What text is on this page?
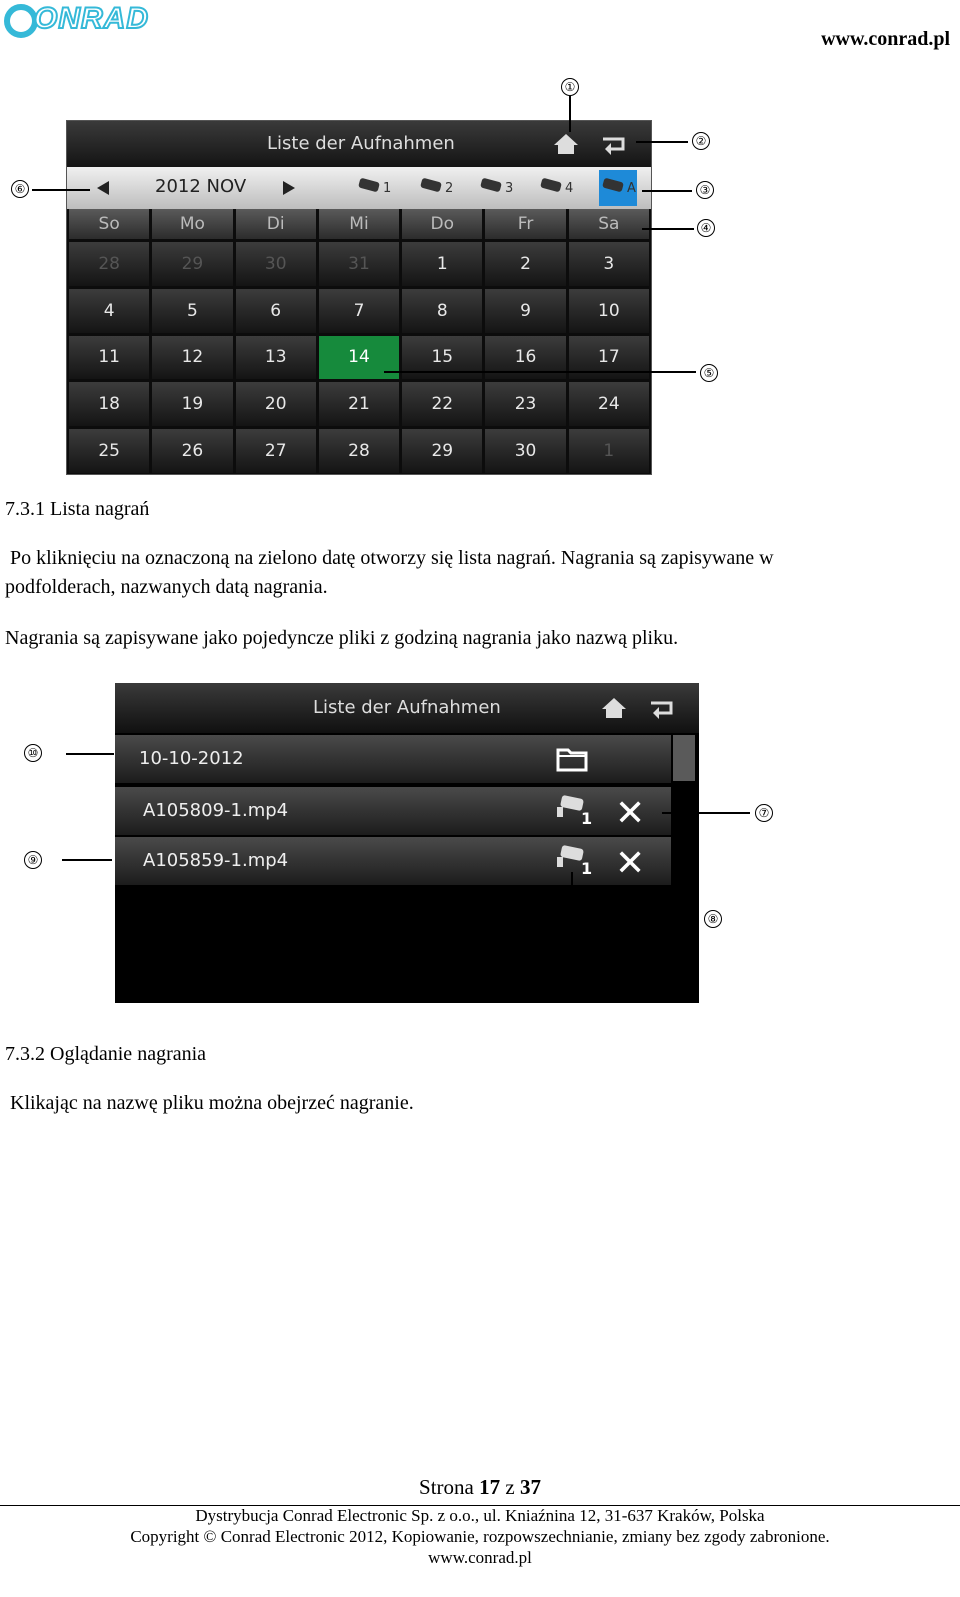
ONRAD
www.conrad.pl
Liste der Aufnahmen
2012 NOV	1	2	3	4	A
So	Mo	Di	Mi	Do	Fr	Sa
28	29	30	31	1	2	3
4	5	6	7	8	9	10
11	12	13	14	15	16	17
18	19	20	21	22	23	24
25	26	27	28	29	30	1
①
②
③
④
⑤
⑥
7.3.1 Lista nagrań
Po kliknięciu na oznaczoną na zielono datę otworzy się lista nagrań. Nagrania są zapisywane w
podfolderach, nazwanych datą nagrania.
Nagrania są zapisywane jako pojedyncze pliki z godziną nagrania jako nazwą pliku.
Liste der Aufnahmen
10-10-2012
A105809-1.mp4	1 ✕
A105859-1.mp4	1 ✕
⑩
⑦
⑨
⑧
7.3.2 Oglądanie nagrania
Klikając na nazwę pliku można obejrzeć nagranie.
Strona 17 z 37
Dystrybucja Conrad Electronic Sp. z o.o., ul. Kniaźnina 12, 31-637 Kraków, Polska
Copyright © Conrad Electronic 2012, Kopiowanie, rozpowszechnianie, zmiany bez zgody zabronione.
www.conrad.pl
